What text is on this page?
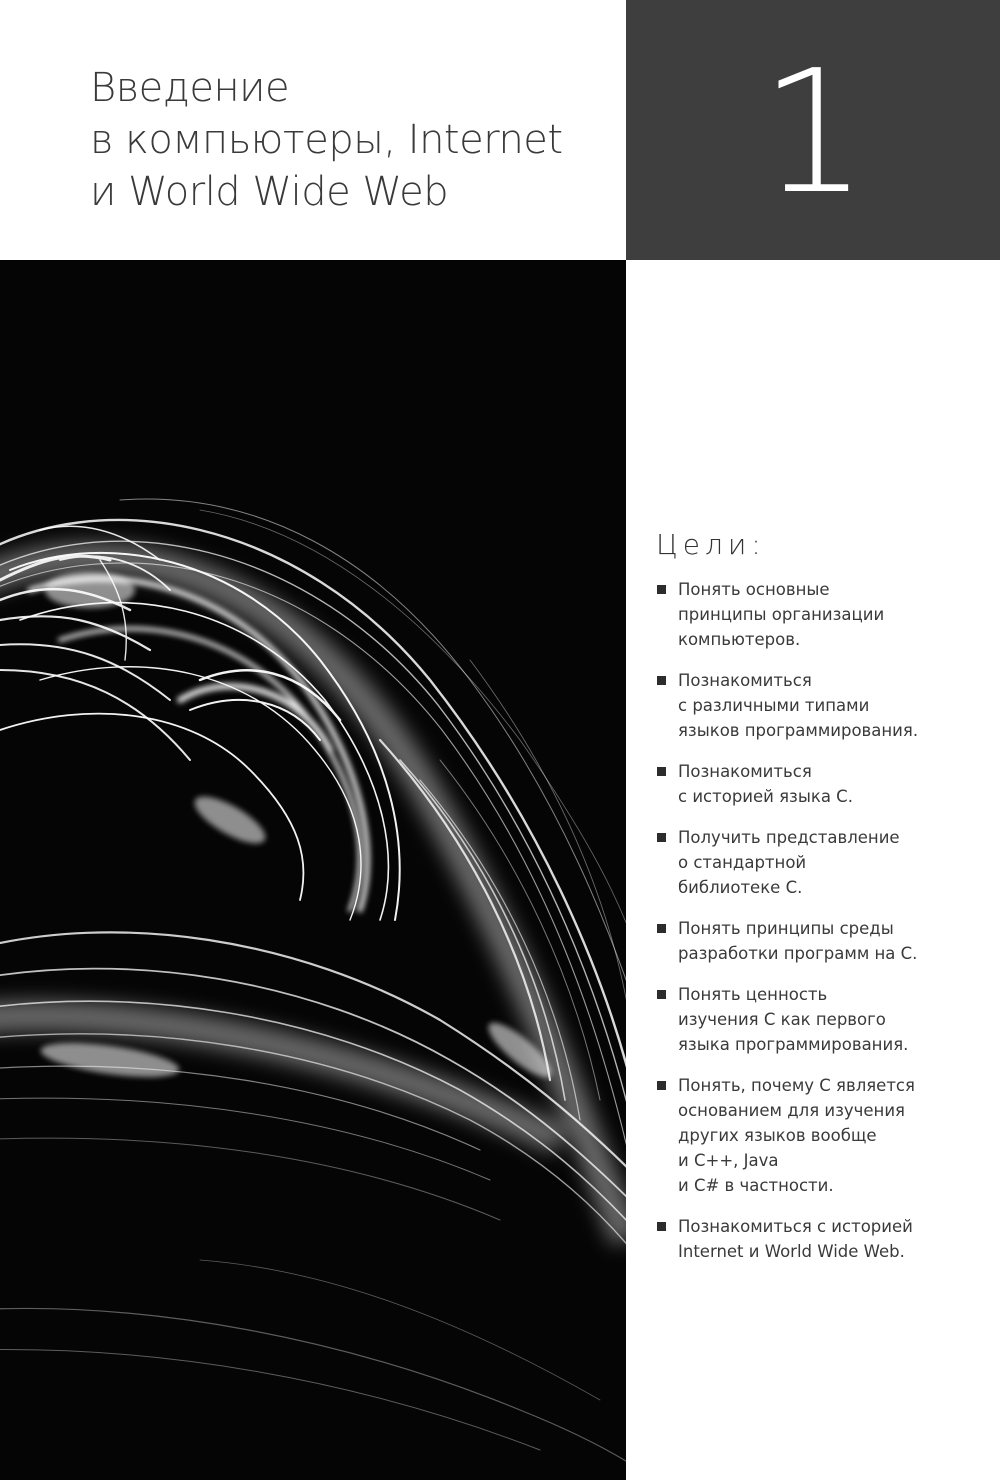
Введение
в компьютеры, Internet
и World Wide Web	1
Цели:
Понять основные
принципы организации
компьютеров.
Познакомиться
с различными типами
языков программирования.
Познакомиться
с историей языка С.
Получить представление
о стандартной
библиотеке С.
Понять принципы среды
разработки программ на С.
Понять ценность
изучения С как первого
языка программирования.
Понять, почему С является
основанием для изучения
других языков вообще
и С++, Java
и С# в частности.
Познакомиться с историей
Internet и World Wide Web.
